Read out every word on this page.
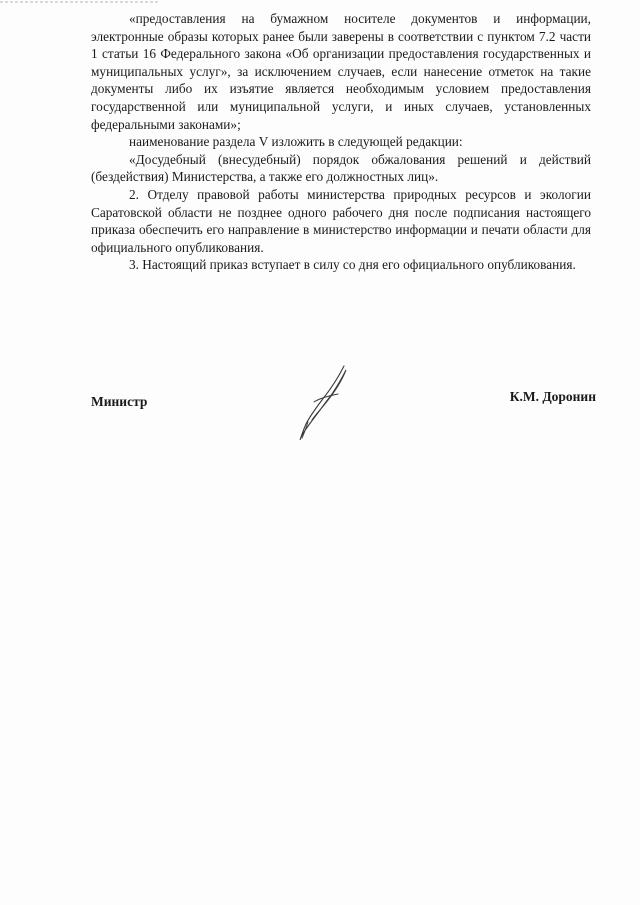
«предоставления на бумажном носителе документов и информации, электронные образы которых ранее были заверены в соответствии с пунктом 7.2 части 1 статьи 16 Федерального закона «Об организации предоставления государственных и муниципальных услуг», за исключением случаев, если нанесение отметок на такие документы либо их изъятие является необходимым условием предоставления государственной или муниципальной услуги, и иных случаев, установленных федеральными законами»;

наименование раздела V изложить в следующей редакции:

«Досудебный (внесудебный) порядок обжалования решений и действий (бездействия) Министерства, а также его должностных лиц».

2. Отделу правовой работы министерства природных ресурсов и экологии Саратовской области не позднее одного рабочего дня после подписания настоящего приказа обеспечить его направление в министерство информации и печати области для официального опубликования.

3. Настоящий приказ вступает в силу со дня его официального опубликования.

Министр	К.М. Доронин
